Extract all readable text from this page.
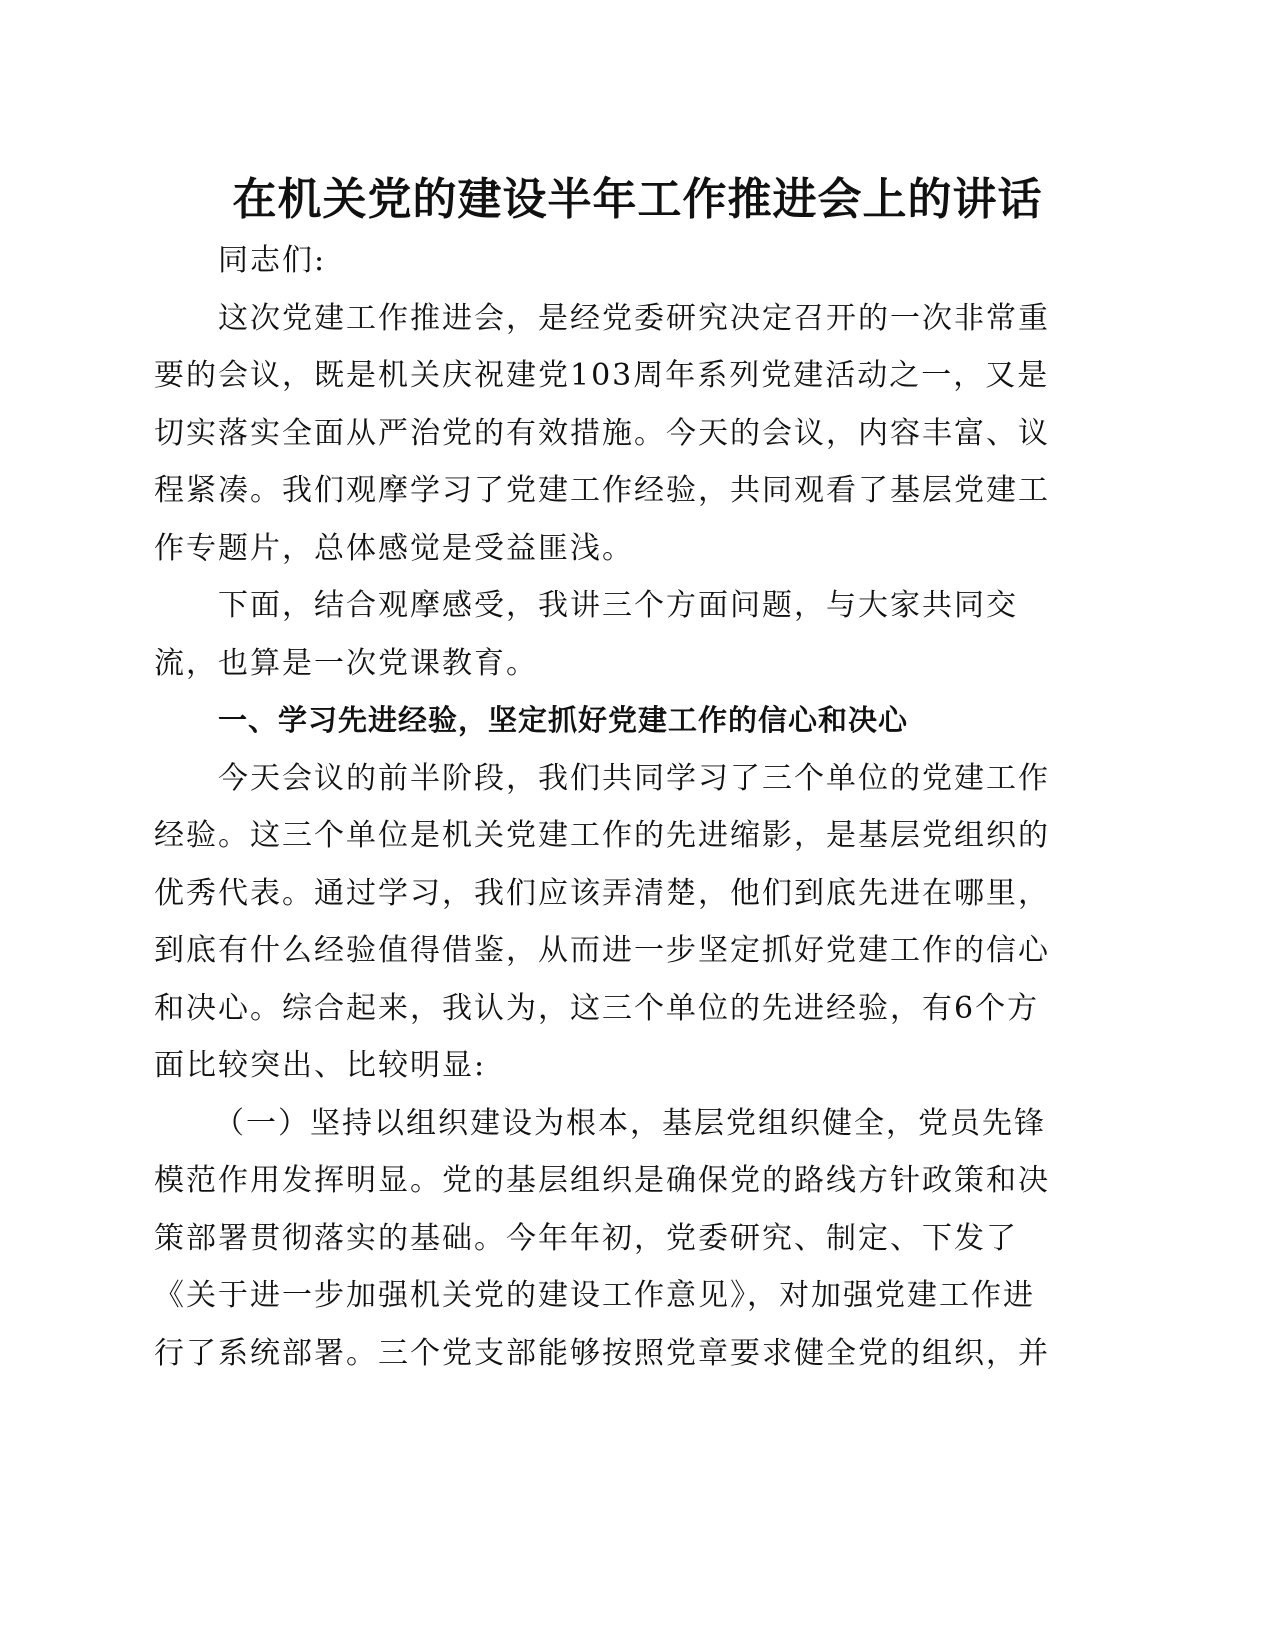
在机关党的建设半年工作推进会上的讲话
同志们:
这次党建工作推进会，是经党委研究决定召开的一次非常重
要的会议，既是机关庆祝建党103周年系列党建活动之一，又是
切实落实全面从严治党的有效措施。今天的会议，内容丰富、议
程紧凑。我们观摩学习了党建工作经验，共同观看了基层党建工
作专题片，总体感觉是受益匪浅。
下面，结合观摩感受，我讲三个方面问题，与大家共同交
流，也算是一次党课教育。
一、学习先进经验，坚定抓好党建工作的信心和决心
今天会议的前半阶段，我们共同学习了三个单位的党建工作
经验。这三个单位是机关党建工作的先进缩影，是基层党组织的
优秀代表。通过学习，我们应该弄清楚，他们到底先进在哪里，
到底有什么经验值得借鉴，从而进一步坚定抓好党建工作的信心
和决心。综合起来，我认为，这三个单位的先进经验，有6个方
面比较突出、比较明显:
（一）坚持以组织建设为根本，基层党组织健全，党员先锋
模范作用发挥明显。党的基层组织是确保党的路线方针政策和决
策部署贯彻落实的基础。今年年初，党委研究、制定、下发了
《关于进一步加强机关党的建设工作意见》，对加强党建工作进
行了系统部署。三个党支部能够按照党章要求健全党的组织，并
